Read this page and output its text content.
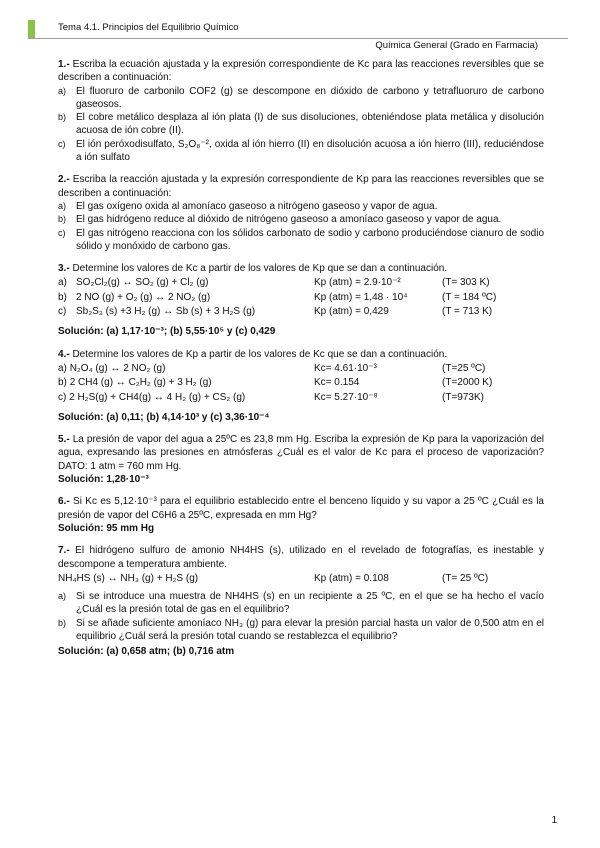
Tema 4.1. Principios del Equilibrio Químico
Química General (Grado en Farmacia)

1.- Escriba la ecuación ajustada y la expresión correspondiente de Kc para las reacciones reversibles que se describen a continuación:

a) El fluoruro de carbonilo COF2 (g) se descompone en dióxido de carbono y tetrafluoruro de carbono gaseosos.
b) El cobre metálico desplaza al ión plata (I) de sus disoluciones, obteniéndose plata metálica y disolución acuosa de ión cobre (II).
c)	El ión peróxodisulfato, S₂O₈⁻², oxida al ión hierro (II) en disolución acuosa a ión hierro (III), reduciéndose a ión sulfato

2.- Escriba la reacción ajustada y la expresión correspondiente de Kp para las reacciones reversibles que se describen a continuación:

a) El gas oxígeno oxida al amoníaco gaseoso a nitrógeno gaseoso y vapor de agua.
b) El gas hidrógeno reduce al dióxido de nitrógeno gaseoso a amoníaco gaseoso y vapor de agua.
c)	El gas nitrógeno reacciona con los sólidos carbonato de sodio y carbono produciéndose cianuro de sodio sólido y monóxido de carbono gas.

3.- Determine los valores de Kc a partir de los valores de Kp que se dan a continuación.

a) SO₂Cl₂(g) ↔ SO₂ (g) + Cl₂ (g)	Kp (atm) = 2.9·10⁻²	(T= 303 K)
b) 2 NO (g) + O₂ (g) ↔ 2 NO₂ (g)	Kp (atm) = 1,48 · 10⁴	(T = 184 ºC)
c) Sb₂S₃ (s) +3 H₂ (g) ↔ Sb (s) + 3 H₂S (g)	Kp (atm) = 0,429	(T = 713 K)

Solución: (a) 1,17·10⁻³; (b) 5,55·10⁵ y (c) 0,429

4.- Determine los valores de Kp a partir de los valores de Kc que se dan a continuación.

a) N₂O₄ (g) ↔ 2 NO₂ (g)	Kc= 4.61·10⁻³	(T=25 ºC)
b) 2 CH4 (g) ↔ C₂H₂ (g) + 3 H₂ (g)	Kc= 0.154	(T=2000 K)
c) 2 H₂S(g) + CH4(g) ↔ 4 H₂ (g) + CS₂ (g)	Kc= 5.27·10⁻⁸	(T=973K)

Solución: (a) 0,11; (b) 4,14·10³ y (c) 3,36·10⁻⁴

5.- La presión de vapor del agua a 25ºC es 23,8 mm Hg. Escriba la expresión de Kp para la vaporización del agua, expresando las presiones en atmósferas ¿Cuál es el valor de Kc para el proceso de vaporización? DATO: 1 atm = 760 mm Hg.

Solución: 1,28·10⁻³

6.- Si Kc es 5,12·10⁻³ para el equilibrio establecido entre el benceno líquido y su vapor a 25 ºC ¿Cuál es la presión de vapor del C6H6 a 25ºC, expresada en mm Hg?

Solución: 95 mm Hg

7.- El hidrógeno sulfuro de amonio NH4HS (s), utilizado en el revelado de fotografías, es inestable y descompone a temperatura ambiente.

NH₄HS (s) ↔ NH₃ (g) + H₂S (g)	Kp (atm) = 0.108	(T= 25 ºC)
a) Si se introduce una muestra de NH4HS (s) en un recipiente a 25 ºC, en el que se ha hecho el vacío ¿Cuál es la presión total de gas en el equilibrio?
b) Si se añade suficiente amoníaco NH₃ (g) para elevar la presión parcial hasta un valor de 0,500 atm en el equilibrio ¿Cuál será la presión total cuando se restablezca el equilibrio?

Solución: (a) 0,658 atm; (b) 0,716 atm

1
